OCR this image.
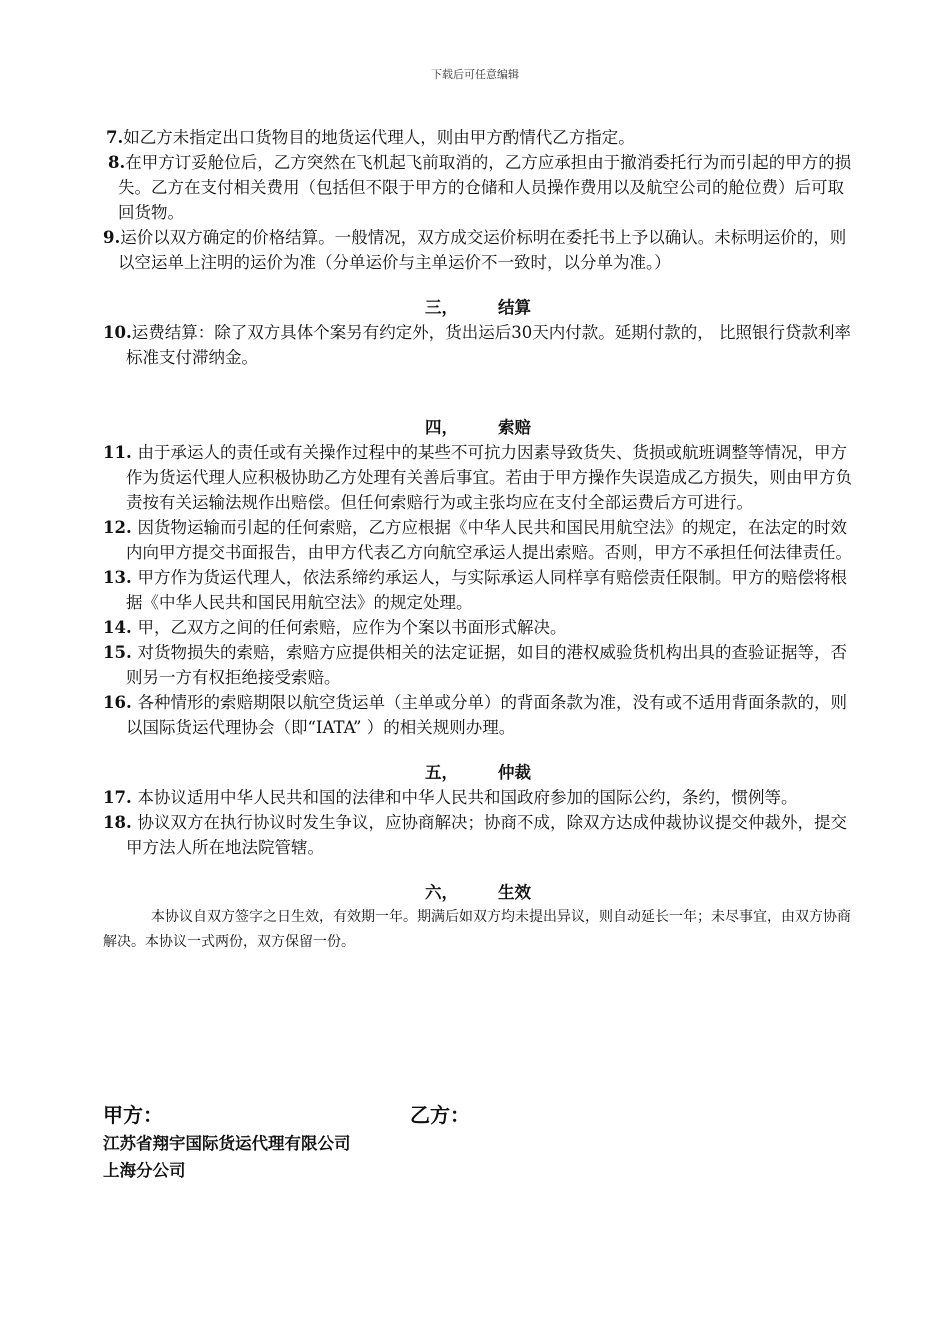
下载后可任意编辑

7.如乙方未指定出口货物目的地货运代理人，则由甲方酌情代乙方指定。

8.在甲方订妥舱位后，乙方突然在飞机起飞前取消的，乙方应承担由于撤消委托行为而引起的甲方的损失。乙方在支付相关费用（包括但不限于甲方的仓储和人员操作费用以及航空公司的舱位费）后可取回货物。

9.运价以双方确定的价格结算。一般情况，双方成交运价标明在委托书上予以确认。未标明运价的，则以空运单上注明的运价为准（分单运价与主单运价不一致时，以分单为准。）

三， 结算

10.运费结算：除了双方具体个案另有约定外，货出运后30天内付款。延期付款的， 比照银行贷款利率标准支付滞纳金。

四， 索赔

11. 由于承运人的责任或有关操作过程中的某些不可抗力因素导致货失、货损或航班调整等情况，甲方作为货运代理人应积极协助乙方处理有关善后事宜。若由于甲方操作失误造成乙方损失，则由甲方负责按有关运输法规作出赔偿。但任何索赔行为或主张均应在支付全部运费后方可进行。

12. 因货物运输而引起的任何索赔，乙方应根据《中华人民共和国民用航空法》的规定，在法定的时效内向甲方提交书面报告，由甲方代表乙方向航空承运人提出索赔。否则，甲方不承担任何法律责任。

13. 甲方作为货运代理人，依法系缔约承运人，与实际承运人同样享有赔偿责任限制。甲方的赔偿将根据《中华人民共和国民用航空法》的规定处理。

14. 甲，乙双方之间的任何索赔，应作为个案以书面形式解决。

15. 对货物损失的索赔，索赔方应提供相关的法定证据，如目的港权威验货机构出具的查验证据等，否则另一方有权拒绝接受索赔。

16. 各种情形的索赔期限以航空货运单（主单或分单）的背面条款为准，没有或不适用背面条款的，则以国际货运代理协会（即“IATA” ）的相关规则办理。

五， 仲裁

17. 本协议适用中华人民共和国的法律和中华人民共和国政府参加的国际公约，条约，惯例等。

18. 协议双方在执行协议时发生争议，应协商解决；协商不成，除双方达成仲裁协议提交仲裁外，提交甲方法人所在地法院管辖。

六， 生效

本协议自双方签字之日生效，有效期一年。期满后如双方均未提出异议，则自动延长一年；未尽事宜，由双方协商解决。本协议一式两份，双方保留一份。

甲方：	乙方：
江苏省翔宇国际货运代理有限公司
上海分公司
